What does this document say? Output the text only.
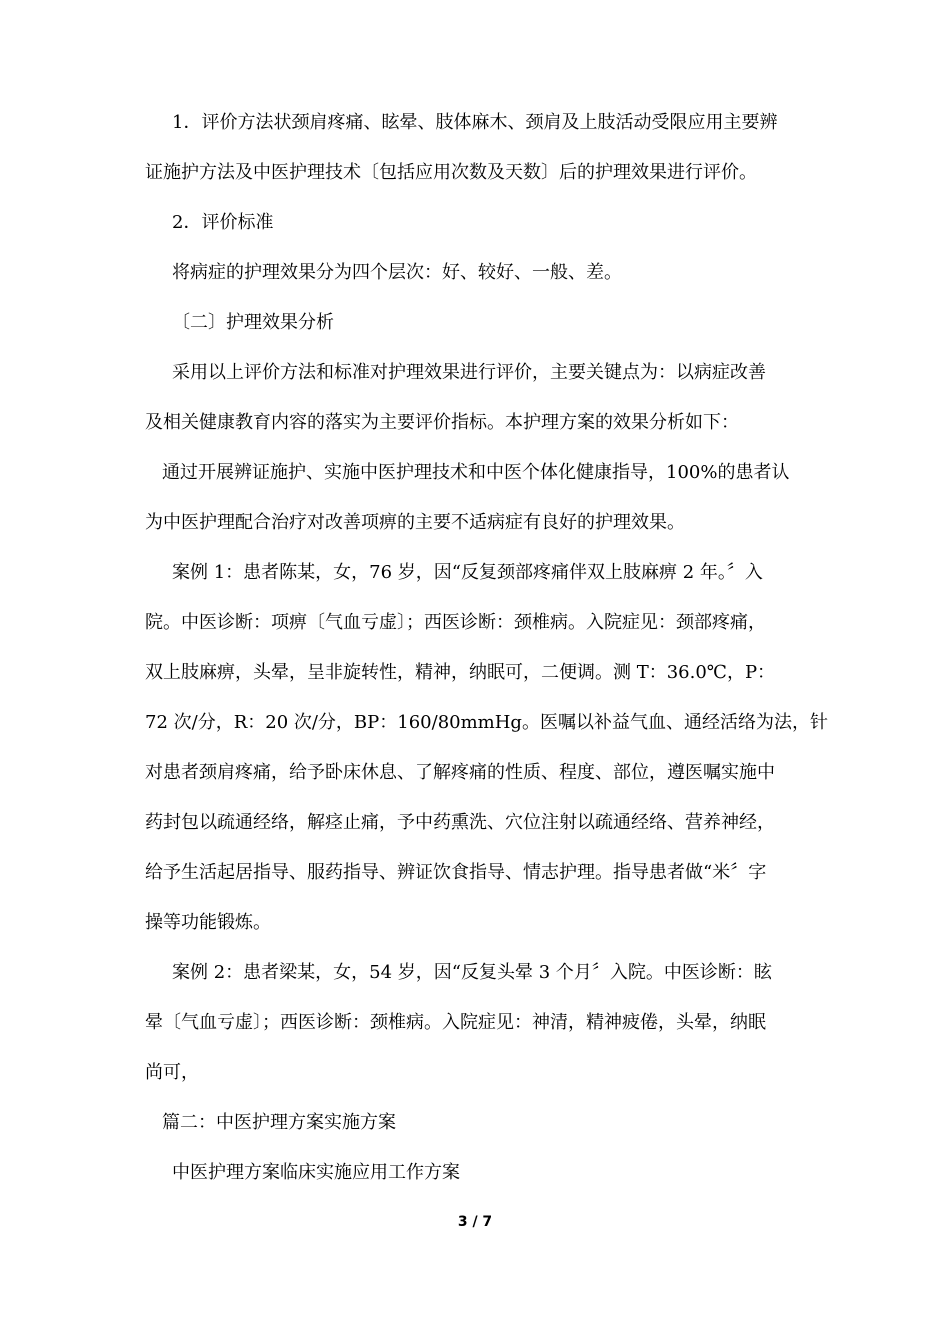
1．评价方法状颈肩疼痛、眩晕、肢体麻木、颈肩及上肢活动受限应用主要辨
证施护方法及中医护理技术〔包括应用次数及天数〕后的护理效果进行评价。
2．评价标准
将病症的护理效果分为四个层次：好、较好、一般、差。
〔二〕护理效果分析
采用以上评价方法和标准对护理效果进行评价，主要关键点为：以病症改善
及相关健康教育内容的落实为主要评价指标。本护理方案的效果分析如下：
通过开展辨证施护、实施中医护理技术和中医个体化健康指导，100%的患者认
为中医护理配合治疗对改善项痹的主要不适病症有良好的护理效果。
案例 1：患者陈某，女，76 岁，因“反复颈部疼痛伴双上肢麻痹 2 年。〞入
院。中医诊断：项痹〔气血亏虚〕；西医诊断：颈椎病。入院症见：颈部疼痛，
双上肢麻痹，头晕，呈非旋转性，精神，纳眠可，二便调。测 T：36.0℃，P：
72 次/分，R：20 次/分，BP：160/80mmHg。医嘱以补益气血、通经活络为法，针
对患者颈肩疼痛，给予卧床休息、了解疼痛的性质、程度、部位，遵医嘱实施中
药封包以疏通经络，解痉止痛，予中药熏洗、穴位注射以疏通经络、营养神经，
给予生活起居指导、服药指导、辨证饮食指导、情志护理。指导患者做“米〞字
操等功能锻炼。
案例 2：患者梁某，女，54 岁，因“反复头晕 3 个月〞入院。中医诊断：眩
晕〔气血亏虚〕；西医诊断：颈椎病。入院症见：神清，精神疲倦，头晕，纳眠
尚可，
篇二：中医护理方案实施方案
中医护理方案临床实施应用工作方案
3 / 7
